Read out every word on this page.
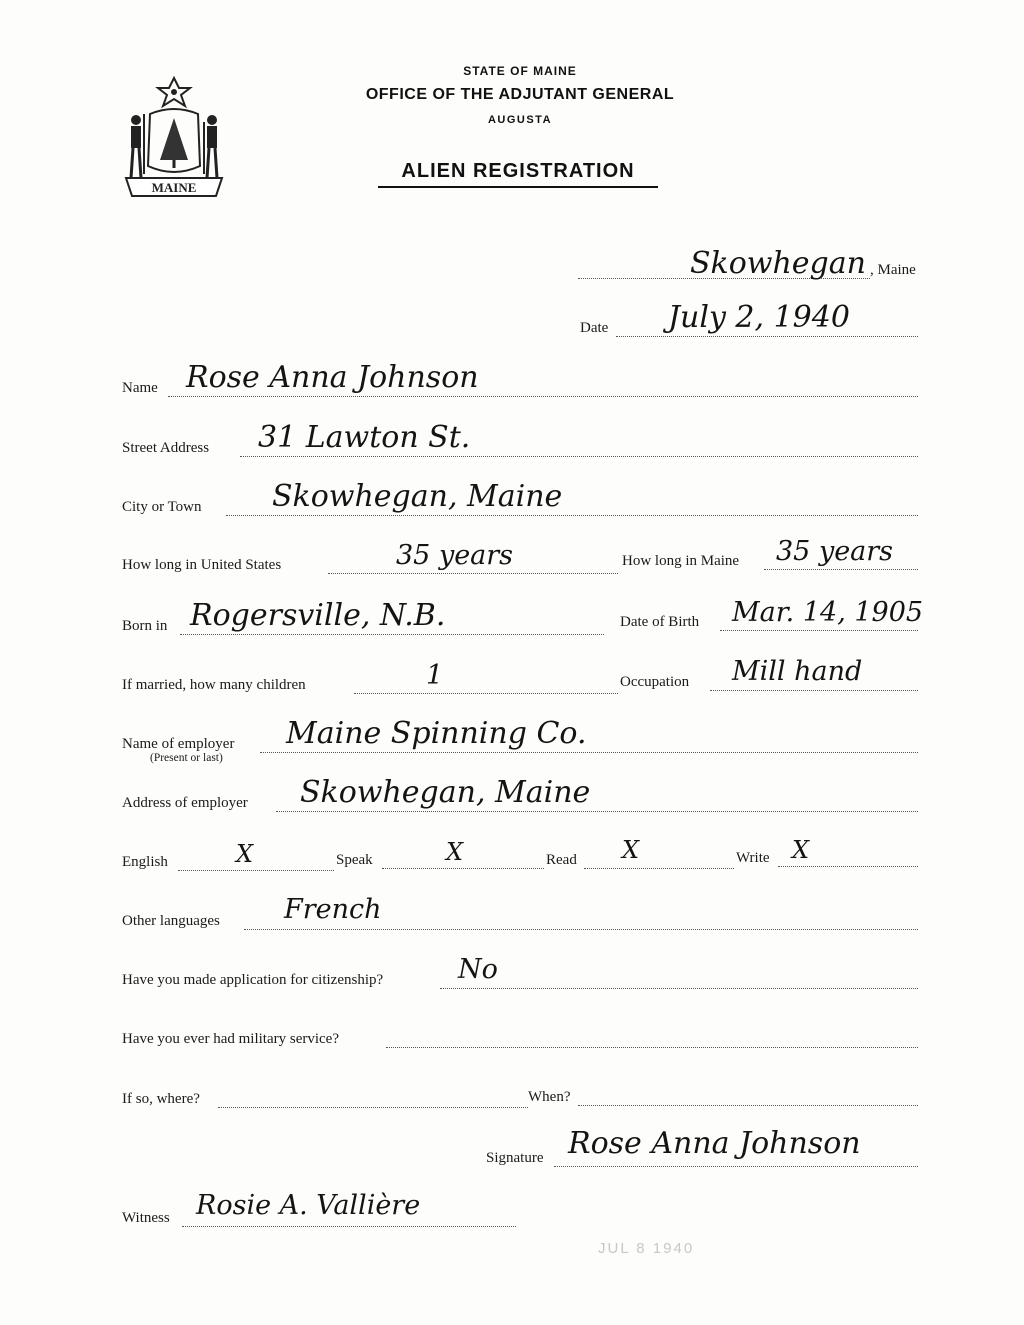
MAINE
STATE OF MAINE
OFFICE OF THE ADJUTANT GENERAL
AUGUSTA
ALIEN REGISTRATION
Skowhegan , Maine
Date July 2, 1940
Name Rose Anna Johnson
Street Address 31 Lawton St.
City or Town Skowhegan, Maine
How long in United States	35 years	How long in Maine 35 years
Born in Rogersville, N.B.	Date of Birth Mar. 14, 1905
If married, how many children	1	Occupation Mill hand
Name of employer
(Present or last)
Maine Spinning Co.
Address of employer Skowhegan, Maine
English	X	Speak	X	Read X	Write X
Other languages French
Have you made application for citizenship?	No
Have you ever had military service?
If so, where?	When?
Signature Rose Anna Johnson
Witness Rosie A. Vallière
JUL 8 1940
